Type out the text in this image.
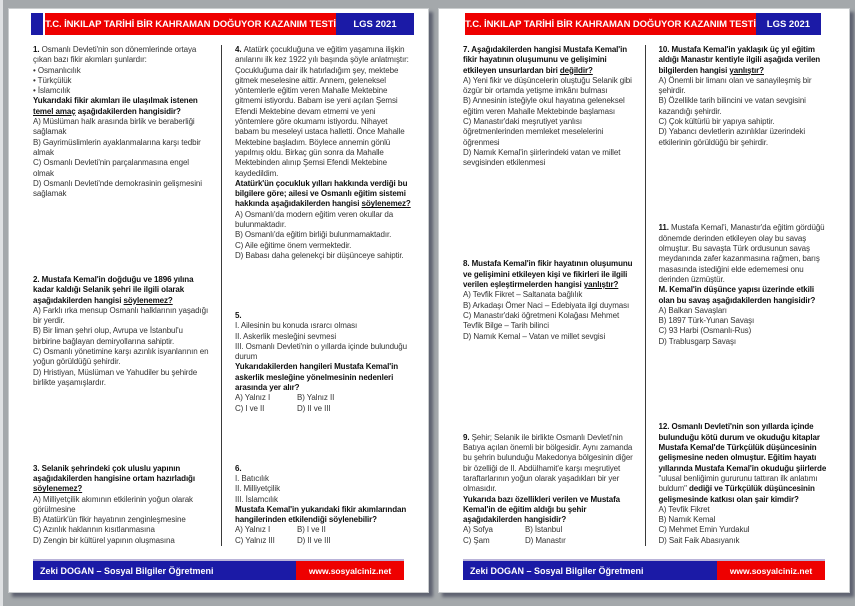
T.C. İNKILAP TARİHİ BİR KAHRAMAN DOĞUYOR KAZANIM TESTİ	LGS 2021
1. Osmanlı Devleti'nin son dönemlerinde ortaya çıkan bazı fikir akımları şunlardır:
• Osmanlıcılık
• Türkçülük
• İslamcılık
Yukarıdaki fikir akımları ile ulaşılmak istenen temel amaç aşağıdakilerden hangisidir?
A) Müslüman halk arasında birlik ve beraberliği sağlamak
B) Gayrimüslimlerin ayaklanmalarına karşı tedbir almak
C) Osmanlı Devleti'nin parçalanmasına engel olmak
D) Osmanlı Devleti'nde demokrasinin gelişmesini sağlamak
2. Mustafa Kemal'in doğduğu ve 1896 yılına kadar kaldığı Selanik şehri ile ilgili olarak aşağıdakilerden hangisi söylenemez?
A) Farklı ırka mensup Osmanlı halklarının yaşadığı bir yerdir.
B) Bir liman şehri olup, Avrupa ve İstanbul'u birbirine bağlayan demiryollarına sahiptir.
C) Osmanlı yönetimine karşı azınlık isyanlarının en yoğun görüldüğü şehirdir.
D) Hristiyan, Müslüman ve Yahudiler bu şehirde birlikte yaşamışlardır.
3. Selanik şehrindeki çok uluslu yapının aşağıdakilerden hangisine ortam hazırladığı söylenemez?
A) Milliyetçilik akımının etkilerinin yoğun olarak görülmesine
B) Atatürk'ün fikir hayatının zenginleşmesine
C) Azınlık haklarının kısıtlanmasına
D) Zengin bir kültürel yapının oluşmasına
4. Atatürk çocukluğuna ve eğitim yaşamına ilişkin anılarını ilk kez 1922 yılı başında şöyle anlatmıştır: Çocukluğuma dair ilk hatırladığım şey, mektebe gitmek meselesine aittir. Annem, geleneksel yöntemlerle eğitim veren Mahalle Mektebine gitmemi istiyordu. Babam ise yeni açılan Şemsi Efendi Mektebine devam etmemi ve yeni yöntemlere göre okumamı istiyordu. Nihayet babam bu meseleyi ustaca halletti. Önce Mahalle Mektebine başladım. Böylece annemin gönlü yapılmış oldu. Birkaç gün sonra da Mahalle Mektebinden alınıp Şemsi Efendi Mektebine kaydedildim.
Atatürk'ün çocukluk yılları hakkında verdiği bu bilgilere göre; ailesi ve Osmanlı eğitim sistemi hakkında aşağıdakilerden hangisi söylenemez?
A) Osmanlı'da modern eğitim veren okullar da bulunmaktadır.
B) Osmanlı'da eğitim birliği bulunmamaktadır.
C) Aile eğitime önem vermektedir.
D) Babası daha gelenekçi bir düşünceye sahiptir.
5.
I. Ailesinin bu konuda ısrarcı olması
II. Askerlik mesleğini sevmesi
III. Osmanlı Devleti'nin o yıllarda içinde bulunduğu durum
Yukarıdakilerden hangileri Mustafa Kemal'in askerlik mesleğine yönelmesinin nedenleri arasında yer alır?
A) Yalnız I	B) Yalnız II
C) I ve II	D) II ve III
6.
I. Batıcılık
II. Milliyetçilik
III. İslamcılık
Mustafa Kemal'in yukarıdaki fikir akımlarından hangilerinden etkilendiği söylenebilir?
A) Yalnız I	B) I ve II
C) Yalnız III	D) II ve III
Zeki DOGAN – Sosyal Bilgiler Öğretmeni	www.sosyalciniz.net
T.C. İNKILAP TARİHİ BİR KAHRAMAN DOĞUYOR KAZANIM TESTİ	LGS 2021
7. Aşağıdakilerden hangisi Mustafa Kemal'in fikir hayatının oluşumunu ve gelişimini etkileyen unsurlardan biri değildir?
A) Yeni fikir ve düşüncelerin oluştuğu Selanik gibi özgür bir ortamda yetişme imkânı bulması
B) Annesinin isteğiyle okul hayatına geleneksel eğitim veren Mahalle Mektebinde başlaması
C) Manastır'daki meşrutiyet yanlısı öğretmenlerinden memleket meselelerini öğrenmesi
D) Namık Kemal'in şiirlerindeki vatan ve millet sevgisinden etkilenmesi
8. Mustafa Kemal'in fikir hayatının oluşumunu ve gelişimini etkileyen kişi ve fikirleri ile ilgili verilen eşleştirmelerden hangisi yanlıştır?
A) Tevfik Fikret – Saltanata bağlılık
B) Arkadaşı Ömer Naci – Edebiyata ilgi duyması
C) Manastır'daki öğretmeni Kolağası Mehmet Tevfik Bilge – Tarih bilinci
D) Namık Kemal – Vatan ve millet sevgisi
9. Şehir; Selanik ile birlikte Osmanlı Devleti'nin Batıya açılan önemli bir bölgesidir. Aynı zamanda bu şehrin bulunduğu Makedonya bölgesinin diğer bir özelliği de II. Abdülhamit'e karşı meşrutiyet taraftarlarının yoğun olarak yaşadıkları bir yer olmasıdır.
Yukarıda bazı özellikleri verilen ve Mustafa Kemal'in de eğitim aldığı bu şehir aşağıdakilerden hangisidir?
A) Sofya	B) İstanbul
C) Şam	D) Manastır
10. Mustafa Kemal'in yaklaşık üç yıl eğitim aldığı Manastır kentiyle ilgili aşağıda verilen bilgilerden hangisi yanlıştır?
A) Önemli bir limanı olan ve sanayileşmiş bir şehirdir.
B) Özellikle tarih bilincini ve vatan sevgisini kazandığı şehirdir.
C) Çok kültürlü bir yapıya sahiptir.
D) Yabancı devletlerin azınlıklar üzerindeki etkilerinin görüldüğü bir şehirdir.
11. Mustafa Kemal'i, Manastır'da eğitim gördüğü dönemde derinden etkileyen olay bu savaş olmuştur. Bu savaşta Türk ordusunun savaş meydanında zafer kazanmasına rağmen, barış masasında istediğini elde edememesi onu derinden üzmüştür.
M. Kemal'in düşünce yapısı üzerinde etkili olan bu savaş aşağıdakilerden hangisidir?
A) Balkan Savaşları
B) 1897 Türk-Yunan Savaşı
C) 93 Harbi (Osmanlı-Rus)
D) Trablusgarp Savaşı
12. Osmanlı Devleti'nin son yıllarda içinde bulunduğu kötü durum ve okuduğu kitaplar Mustafa Kemal'de Türkçülük düşüncesinin gelişmesine neden olmuştur. Eğitim hayatı yıllarında Mustafa Kemal'in okuduğu şiirlerde "ulusal benliğimin gururunu tattıran ilk anlatımı buldum" dediği ve Türkçülük düşüncesinin gelişmesinde katkısı olan şair kimdir?
A) Tevfik Fikret
B) Namık Kemal
C) Mehmet Emin Yurdakul
D) Sait Faik Abasıyanık
Zeki DOGAN – Sosyal Bilgiler Öğretmeni	www.sosyalciniz.net
